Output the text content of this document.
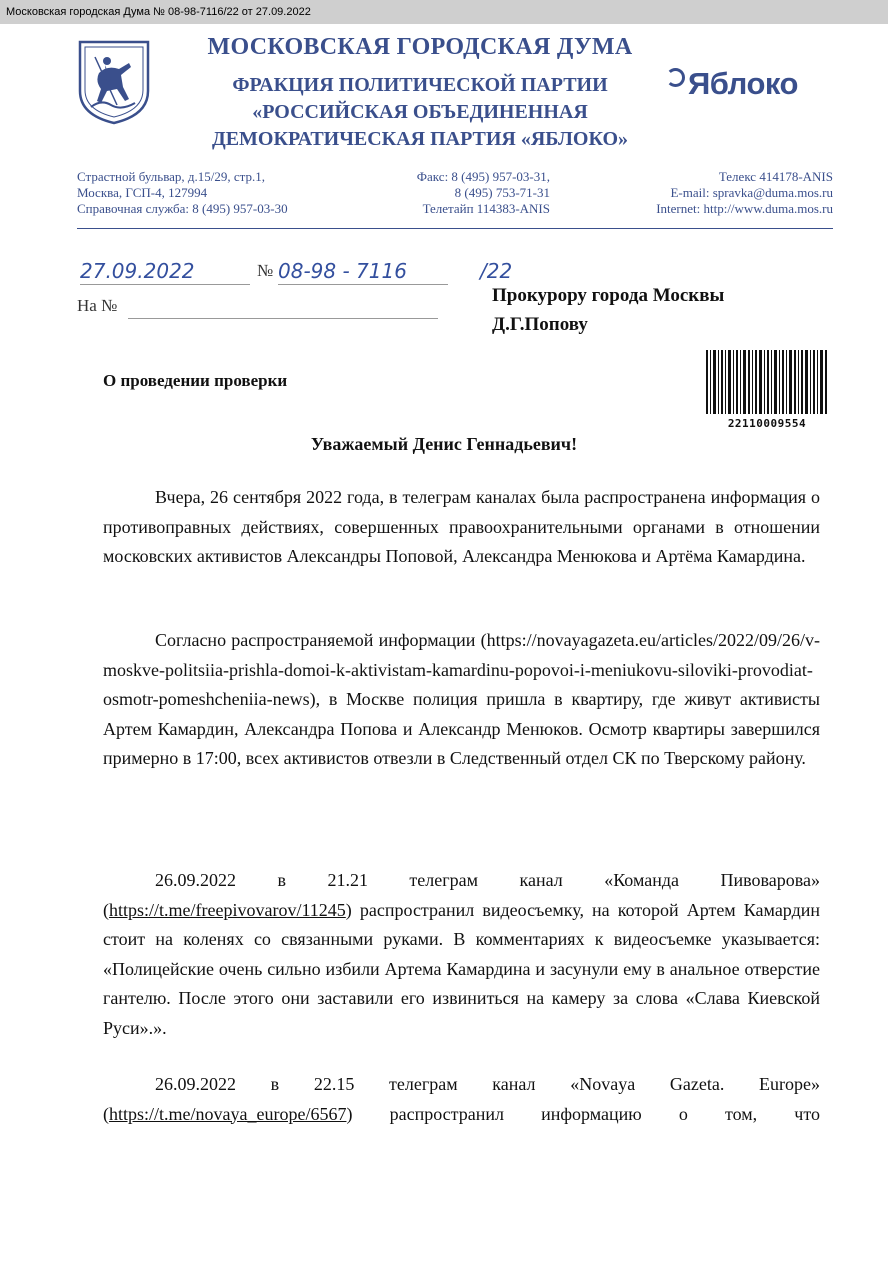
Московская городская Дума № 08-98-7116/22 от 27.09.2022
МОСКОВСКАЯ ГОРОДСКАЯ ДУМА
ФРАКЦИЯ ПОЛИТИЧЕСКОЙ ПАРТИИ
«РОССИЙСКАЯ ОБЪЕДИНЕННАЯ
ДЕМОКРАТИЧЕСКАЯ ПАРТИЯ «ЯБЛОКО»
Яблоко
Страстной бульвар, д.15/29, стр.1,
Москва, ГСП-4, 127994
Справочная служба: 8 (495) 957-03-30
Факс: 8 (495) 957-03-31,
8 (495) 753-71-31
Телетайп 114383-ANIS
Телекс 414178-ANIS
E-mail: spravka@duma.mos.ru
Internet: http://www.duma.mos.ru
27.09.2022	№ 08-98 - 7116	/22
На №	Прокурору города Москвы
Д.Г.Попову
22110009554
О проведении проверки
Уважаемый Денис Геннадьевич!

Вчера, 26 сентября 2022 года, в телеграм каналах была распространена информация о противоправных действиях, совершенных правоохранительными органами в отношении московских активистов Александры Поповой, Александра Менюкова и Артёма Камардина.

Согласно распространяемой информации (https://novayagazeta.eu/articles/2022/09/26/v-moskve-politsiia-prishla-domoi-k-aktivistam-kamardinu-popovoi-i-meniukovu-siloviki-provodiat-osmotr-pomeshcheniia-news), в Москве полиция пришла в квартиру, где живут активисты Артем Камардин, Александра Попова и Александр Менюков. Осмотр квартиры завершился примерно в 17:00, всех активистов отвезли в Следственный отдел СК по Тверскому району.

26.09.2022 в 21.21 телеграм канал «Команда Пивоварова» (https://t.me/freepivovarov/11245) распространил видеосъемку, на которой Артем Камардин стоит на коленях со связанными руками. В комментариях к видеосъемке указывается: «Полицейские очень сильно избили Артема Камардина и засунули ему в анальное отверстие гантелю. После этого они заставили его извиниться на камеру за слова «Слава Киевской Руси».».

26.09.2022 в 22.15 телеграм канал «Novaya Gazeta. Europe» (https://t.me/novaya_europe/6567) распространил информацию о том, что
